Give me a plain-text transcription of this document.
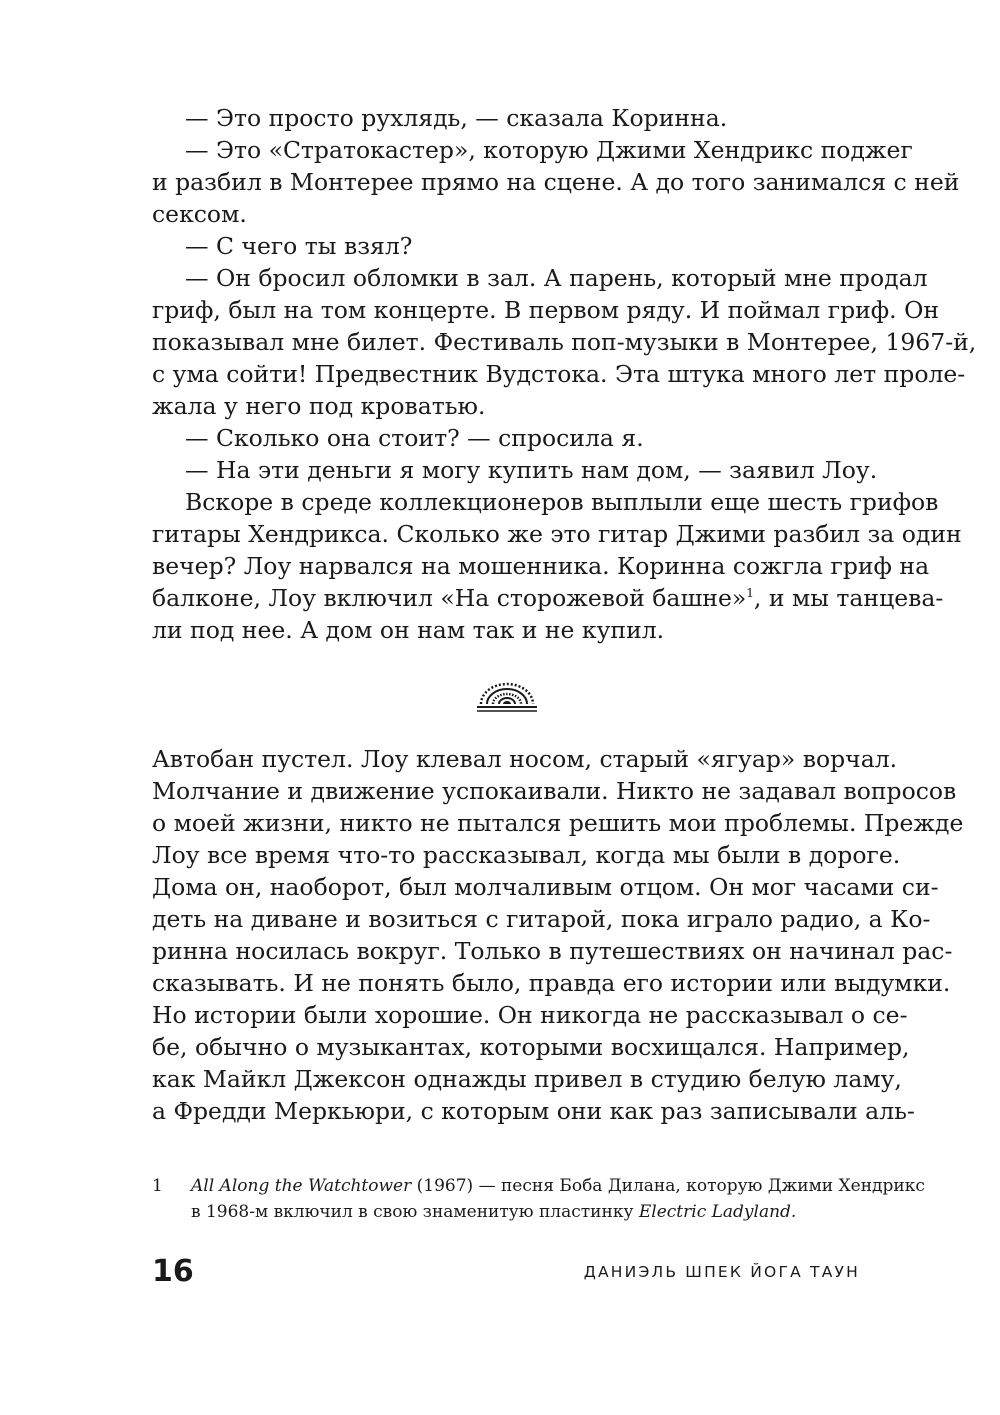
— Это просто рухлядь, — сказала Коринна.
— Это «Стратокастер», которую Джими Хендрикс поджег
и разбил в Монтерее прямо на сцене. А до того занимался с ней
сексом.
— С чего ты взял?
— Он бросил обломки в зал. А парень, который мне продал
гриф, был на том концерте. В первом ряду. И поймал гриф. Он
показывал мне билет. Фестиваль поп-музыки в Монтерее, 1967-й,
с ума сойти! Предвестник Вудстока. Эта штука много лет проле-
жала у него под кроватью.
— Сколько она стоит? — спросила я.
— На эти деньги я могу купить нам дом, — заявил Лоу.
Вскоре в среде коллекционеров выплыли еще шесть грифов
гитары Хендрикса. Сколько же это гитар Джими разбил за один
вечер? Лоу нарвался на мошенника. Коринна сожгла гриф на
балконе, Лоу включил «На сторожевой башне»$^1$, и мы танцева-
ли под нее. А дом он нам так и не купил.
Автобан пустел. Лоу клевал носом, старый «ягуар» ворчал.
Молчание и движение успокаивали. Никто не задавал вопросов
о моей жизни, никто не пытался решить мои проблемы. Прежде
Лоу все время что-то рассказывал, когда мы были в дороге.
Дома он, наоборот, был молчаливым отцом. Он мог часами си-
деть на диване и возиться с гитарой, пока играло радио, а Ко-
ринна носилась вокруг. Только в путешествиях он начинал рас-
сказывать. И не понять было, правда его истории или выдумки.
Но истории были хорошие. Он никогда не рассказывал о се-
бе, обычно о музыкантах, которыми восхищался. Например,
как Майкл Джексон однажды привел в студию белую ламу,
а Фредди Меркьюри, с которым они как раз записывали аль-
1 All Along the Watchtower (1967) — песня Боба Дилана, которую Джими Хендрикс
в 1968-м включил в свою знаменитую пластинку Electric Ladyland.
16	ДАНИЭЛЬ ШПЕК ЙОГА ТАУН
